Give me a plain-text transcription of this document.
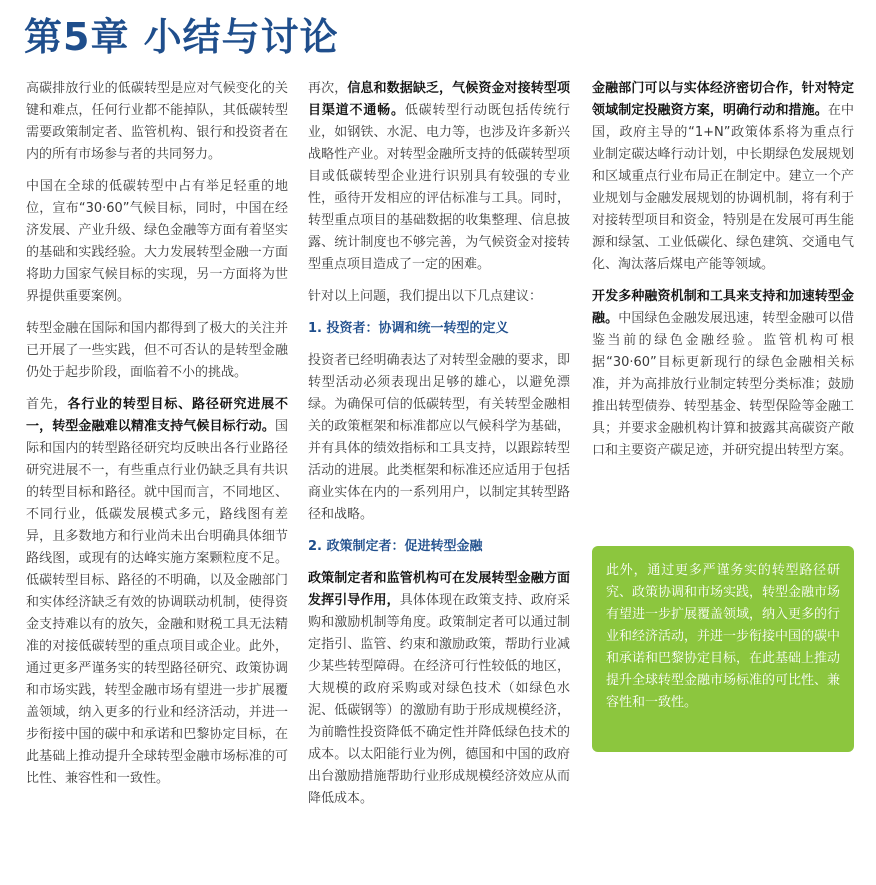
第5章 小结与讨论

高碳排放行业的低碳转型是应对气候变化的关键和难点，任何行业都不能掉队，其低碳转型需要政策制定者、监管机构、银行和投资者在内的所有市场参与者的共同努力。

中国在全球的低碳转型中占有举足轻重的地位，宣布“30·60”气候目标，同时，中国在经济发展、产业升级、绿色金融等方面有着坚实的基础和实践经验。大力发展转型金融一方面将助力国家气候目标的实现，另一方面将为世界提供重要案例。

转型金融在国际和国内都得到了极大的关注并已开展了一些实践，但不可否认的是转型金融仍处于起步阶段，面临着不小的挑战。

首先，各行业的转型目标、路径研究进展不一，转型金融难以精准支持气候目标行动。国际和国内的转型路径研究均反映出各行业路径研究进展不一，有些重点行业仍缺乏具有共识的转型目标和路径。就中国而言，不同地区、不同行业，低碳发展模式多元，路线图有差异，且多数地方和行业尚未出台明确具体细节路线图，或现有的达峰实施方案颗粒度不足。低碳转型目标、路径的不明确，以及金融部门和实体经济缺乏有效的协调联动机制，使得资金支持难以有的放矢，金融和财税工具无法精准的对接低碳转型的重点项目或企业。此外，通过更多严谨务实的转型路径研究、政策协调和市场实践，转型金融市场有望进一步扩展覆盖领域，纳入更多的行业和经济活动，并进一步衔接中国的碳中和承诺和巴黎协定目标，在此基础上推动提升全球转型金融市场标准的可比性、兼容性和一致性。

再次，信息和数据缺乏，气候资金对接转型项目渠道不通畅。低碳转型行动既包括传统行业，如钢铁、水泥、电力等，也涉及许多新兴战略性产业。对转型金融所支持的低碳转型项目或低碳转型企业进行识别具有较强的专业性，亟待开发相应的评估标准与工具。同时，转型重点项目的基础数据的收集整理、信息披露、统计制度也不够完善，为气候资金对接转型重点项目造成了一定的困难。

针对以上问题，我们提出以下几点建议：

1. 投资者：协调和统一转型的定义

投资者已经明确表达了对转型金融的要求，即转型活动必须表现出足够的雄心，以避免漂绿。为确保可信的低碳转型，有关转型金融相关的政策框架和标准都应以气候科学为基础，并有具体的绩效指标和工具支持，以跟踪转型活动的进展。此类框架和标准还应适用于包括商业实体在内的一系列用户，以制定其转型路径和战略。

2. 政策制定者：促进转型金融

政策制定者和监管机构可在发展转型金融方面发挥引导作用，具体体现在政策支持、政府采购和激励机制等角度。政策制定者可以通过制定指引、监管、约束和激励政策，帮助行业减少某些转型障碍。在经济可行性较低的地区，大规模的政府采购或对绿色技术（如绿色水泥、低碳钢等）的激励有助于形成规模经济，为前瞻性投资降低不确定性并降低绿色技术的成本。以太阳能行业为例，德国和中国的政府出台激励措施帮助行业形成规模经济效应从而降低成本。

金融部门可以与实体经济密切合作，针对特定领域制定投融资方案，明确行动和措施。在中国，政府主导的“1+N”政策体系将为重点行业制定碳达峰行动计划，中长期绿色发展规划和区域重点行业布局正在制定中。建立一个产业规划与金融发展规划的协调机制，将有利于对接转型项目和资金，特别是在发展可再生能源和绿氢、工业低碳化、绿色建筑、交通电气化、淘汰落后煤电产能等领域。

开发多种融资机制和工具来支持和加速转型金融。中国绿色金融发展迅速，转型金融可以借鉴当前的绿色金融经验。监管机构可根据“30·60”目标更新现行的绿色金融相关标准，并为高排放行业制定转型分类标准；鼓励推出转型债券、转型基金、转型保险等金融工具；并要求金融机构计算和披露其高碳资产敞口和主要资产碳足迹，并研究提出转型方案。

此外，通过更多严谨务实的转型路径研究、政策协调和市场实践，转型金融市场有望进一步扩展覆盖领域，纳入更多的行业和经济活动，并进一步衔接中国的碳中和承诺和巴黎协定目标，在此基础上推动提升全球转型金融市场标准的可比性、兼容性和一致性。
